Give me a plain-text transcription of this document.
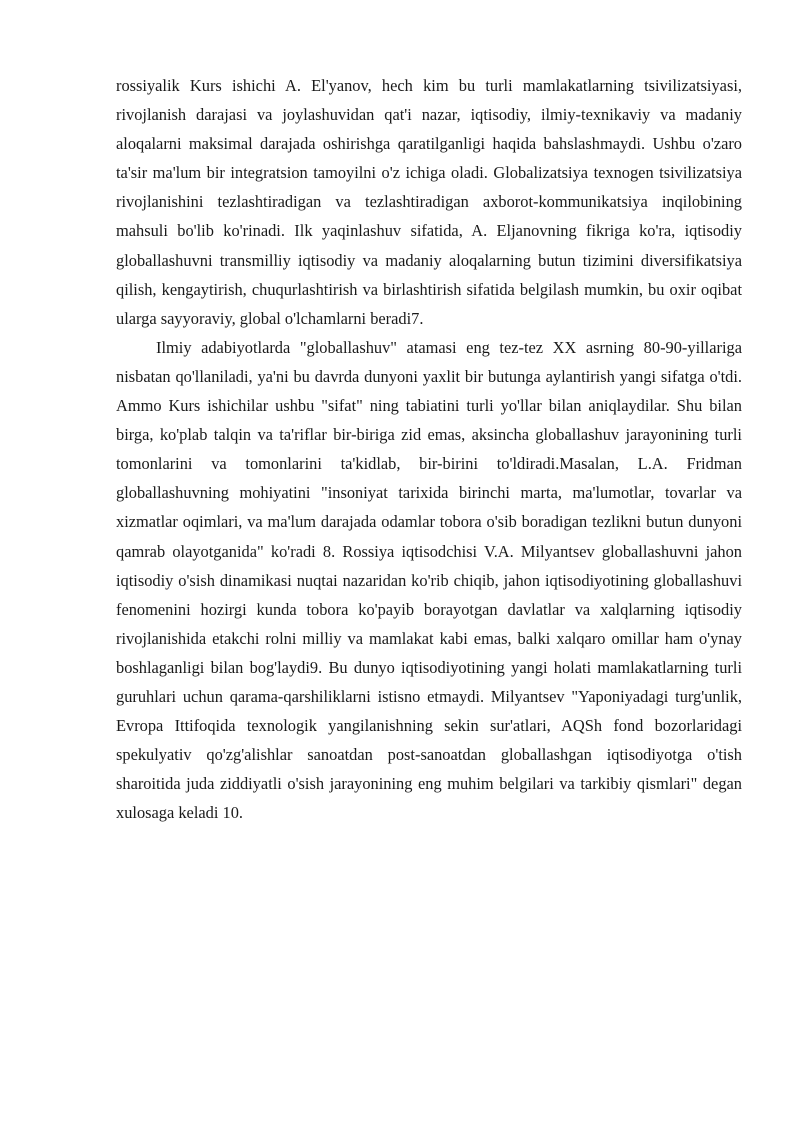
rossiyalik Kurs ishichi A. El'yanov, hech kim bu turli mamlakatlarning tsivilizatsiyasi, rivojlanish darajasi va joylashuvidan qat'i nazar, iqtisodiy, ilmiy-texnikaviy va madaniy aloqalarni maksimal darajada oshirishga qaratilganligi haqida bahslashmaydi. Ushbu o'zaro ta'sir ma'lum bir integratsion tamoyilni o'z ichiga oladi. Globalizatsiya texnogen tsivilizatsiya rivojlanishini tezlashtiradigan va tezlashtiradigan axborot-kommunikatsiya inqilobining mahsuli bo'lib ko'rinadi. Ilk yaqinlashuv sifatida, A. Eljanovning fikriga ko'ra, iqtisodiy globallashuvni transmilliy iqtisodiy va madaniy aloqalarning butun tizimini diversifikatsiya qilish, kengaytirish, chuqurlashtirish va birlashtirish sifatida belgilash mumkin, bu oxir oqibat ularga sayyoraviy, global o'lchamlarni beradi7.

Ilmiy adabiyotlarda "globallashuv" atamasi eng tez-tez XX asrning 80-90-yillariga nisbatan qo'llaniladi, ya'ni bu davrda dunyoni yaxlit bir butunga aylantirish yangi sifatga o'tdi. Ammo Kurs ishichilar ushbu "sifat" ning tabiatini turli yo'llar bilan aniqlaydilar. Shu bilan birga, ko'plab talqin va ta'riflar bir-biriga zid emas, aksincha globallashuv jarayonining turli tomonlarini va tomonlarini ta'kidlab, bir-birini to'ldiradi.Masalan, L.A. Fridman globallashuvning mohiyatini "insoniyat tarixida birinchi marta, ma'lumotlar, tovarlar va xizmatlar oqimlari, va ma'lum darajada odamlar tobora o'sib boradigan tezlikni butun dunyoni qamrab olayotganida" ko'radi 8. Rossiya iqtisodchisi V.A. Milyantsev globallashuvni jahon iqtisodiy o'sish dinamikasi nuqtai nazaridan ko'rib chiqib, jahon iqtisodiyotining globallashuvi fenomenini hozirgi kunda tobora ko'payib borayotgan davlatlar va xalqlarning iqtisodiy rivojlanishida etakchi rolni milliy va mamlakat kabi emas, balki xalqaro omillar ham o'ynay boshlaganligi bilan bog'laydi9. Bu dunyo iqtisodiyotining yangi holati mamlakatlarning turli guruhlari uchun qarama-qarshiliklarni istisno etmaydi. Milyantsev "Yaponiyadagi turg'unlik, Evropa Ittifoqida texnologik yangilanishning sekin sur'atlari, AQSh fond bozorlaridagi spekulyativ qo'zg'alishlar sanoatdan post-sanoatdan globallashgan iqtisodiyotga o'tish sharoitida juda ziddiyatli o'sish jarayonining eng muhim belgilari va tarkibiy qismlari" degan xulosaga keladi 10.
